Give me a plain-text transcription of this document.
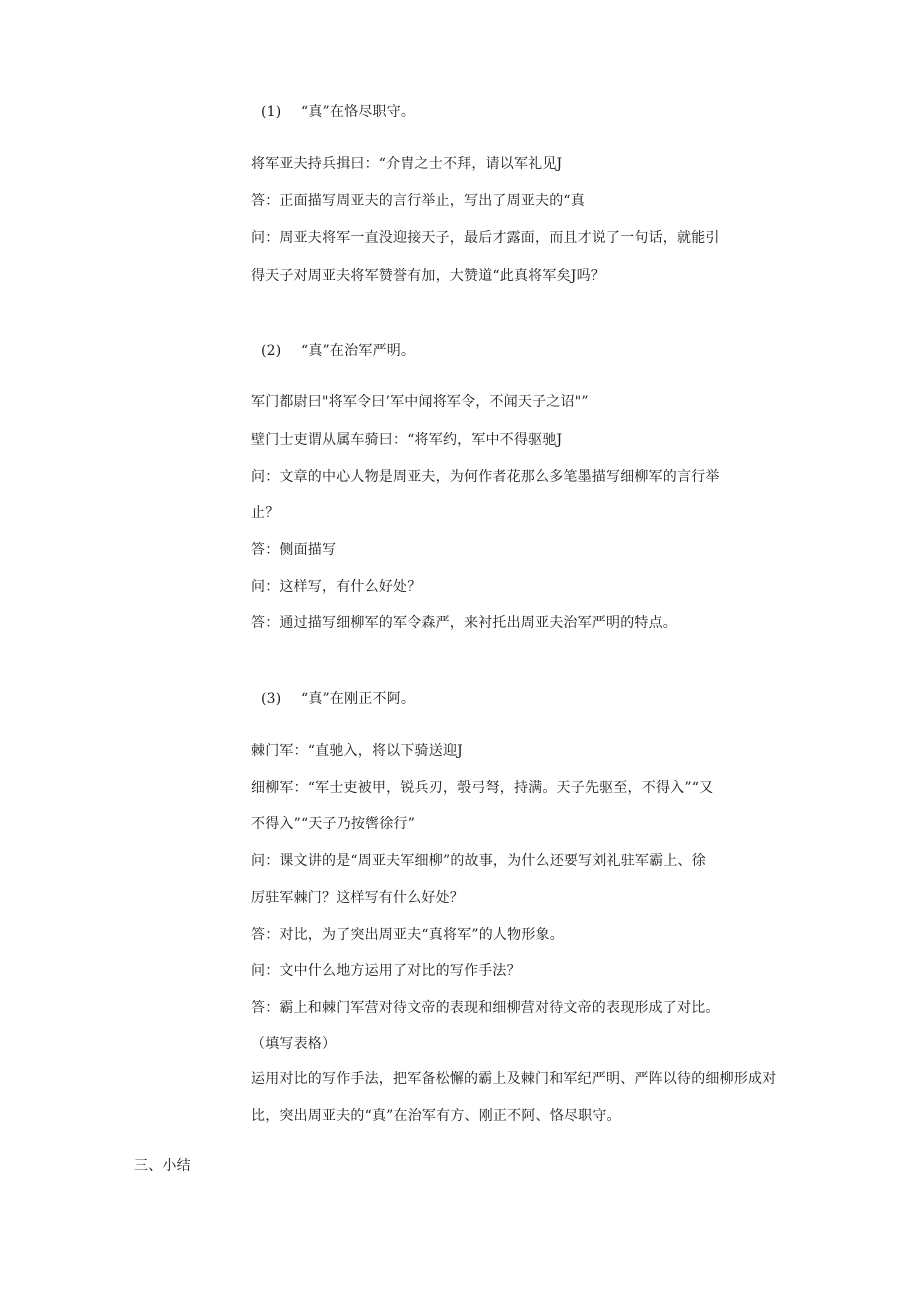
(1) “真”在恪尽职守。
将军亚夫持兵揖曰：“介胄之士不拜，请以军礼见J
答：正面描写周亚夫的言行举止，写出了周亚夫的“真
问：周亚夫将军一直没迎接天子，最后才露面，而且才说了一句话，就能引
得天子对周亚夫将军赞誉有加，大赞道“此真将军矣J吗？
(2) “真”在治军严明。
军门都尉曰"将军令曰’军中闻将军令，不闻天子之诏"”
壁门士吏谓从属车骑曰：“将军约，军中不得驱驰J
问：文章的中心人物是周亚夫，为何作者花那么多笔墨描写细柳军的言行举
止？
答：侧面描写
问：这样写，有什么好处？
答：通过描写细柳军的军令森严，来衬托出周亚夫治军严明的特点。
(3) “真”在刚正不阿。
棘门军：“直驰入，将以下骑送迎J
细柳军：“军士吏被甲，锐兵刃，彀弓弩，持满。天子先驱至，不得入”“又
不得入”“天子乃按辔徐行”
问：课文讲的是“周亚夫军细柳”的故事，为什么还要写刘礼驻军霸上、徐
厉驻军棘门？这样写有什么好处？
答：对比，为了突出周亚夫“真将军”的人物形象。
问：文中什么地方运用了对比的写作手法？
答：霸上和棘门军营对待文帝的表现和细柳营对待文帝的表现形成了对比。
（填写表格）
运用对比的写作手法，把军备松懈的霸上及棘门和军纪严明、严阵以待的细柳形成对
比，突出周亚夫的“真”在治军有方、刚正不阿、恪尽职守。
三、小结
